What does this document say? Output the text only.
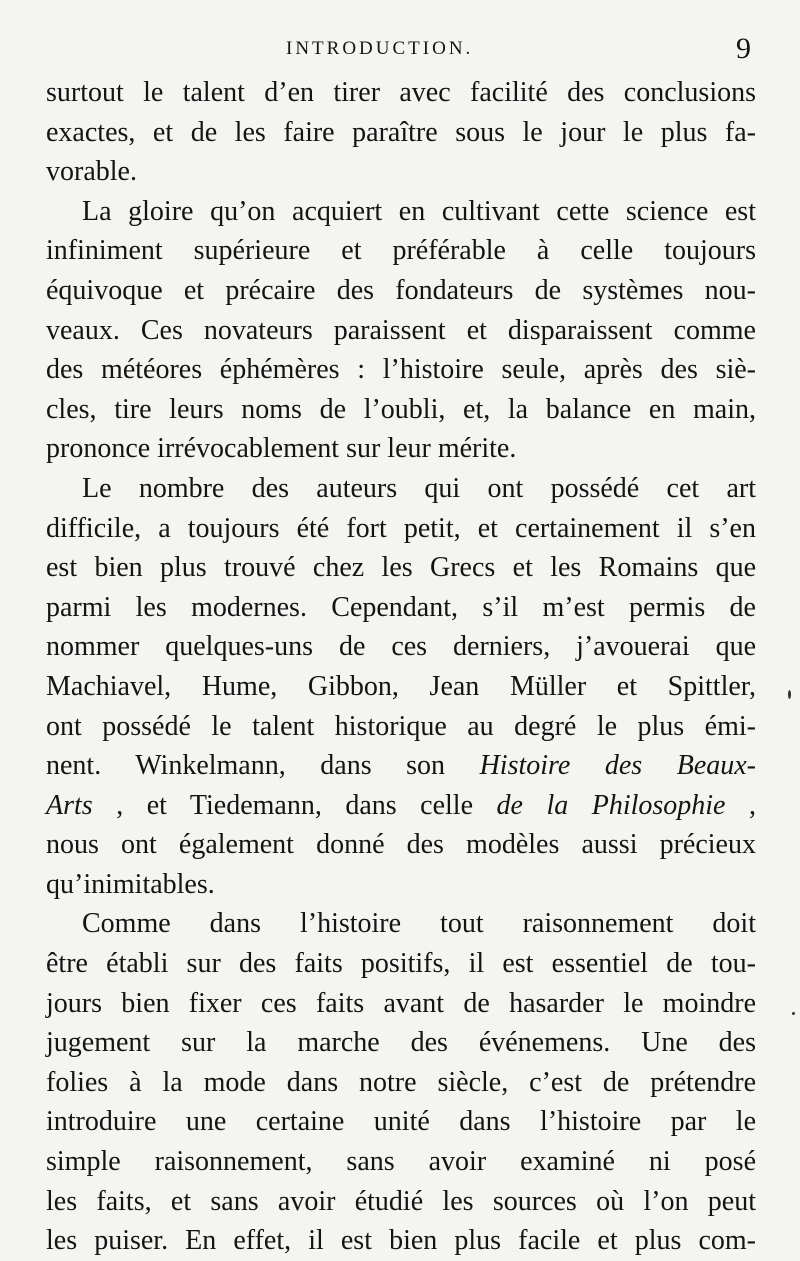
INTRODUCTION.	9
surtout le talent d’en tirer avec facilité des conclusions
exactes, et de les faire paraître sous le jour le plus fa-
vorable.
La gloire qu’on acquiert en cultivant cette science est
infiniment supérieure et préférable à celle toujours
équivoque et précaire des fondateurs de systèmes nou-
veaux. Ces novateurs paraissent et disparaissent comme
des météores éphémères : l’histoire seule, après des siè-
cles, tire leurs noms de l’oubli, et, la balance en main,
prononce irrévocablement sur leur mérite.
Le nombre des auteurs qui ont possédé cet art
difficile, a toujours été fort petit, et certainement il s’en
est bien plus trouvé chez les Grecs et les Romains que
parmi les modernes. Cependant, s’il m’est permis de
nommer quelques-uns de ces derniers, j’avouerai que
Machiavel, Hume, Gibbon, Jean Müller et Spittler,
ont possédé le talent historique au degré le plus émi-
nent. Winkelmann, dans son Histoire des Beaux-
Arts , et Tiedemann, dans celle de la Philosophie ,
nous ont également donné des modèles aussi précieux
qu’inimitables.
Comme dans l’histoire tout raisonnement doit
être établi sur des faits positifs, il est essentiel de tou-
jours bien fixer ces faits avant de hasarder le moindre
jugement sur la marche des événemens. Une des
folies à la mode dans notre siècle, c’est de prétendre
introduire une certaine unité dans l’histoire par le
simple raisonnement, sans avoir examiné ni posé
les faits, et sans avoir étudié les sources où l’on peut
les puiser. En effet, il est bien plus facile et plus com-
